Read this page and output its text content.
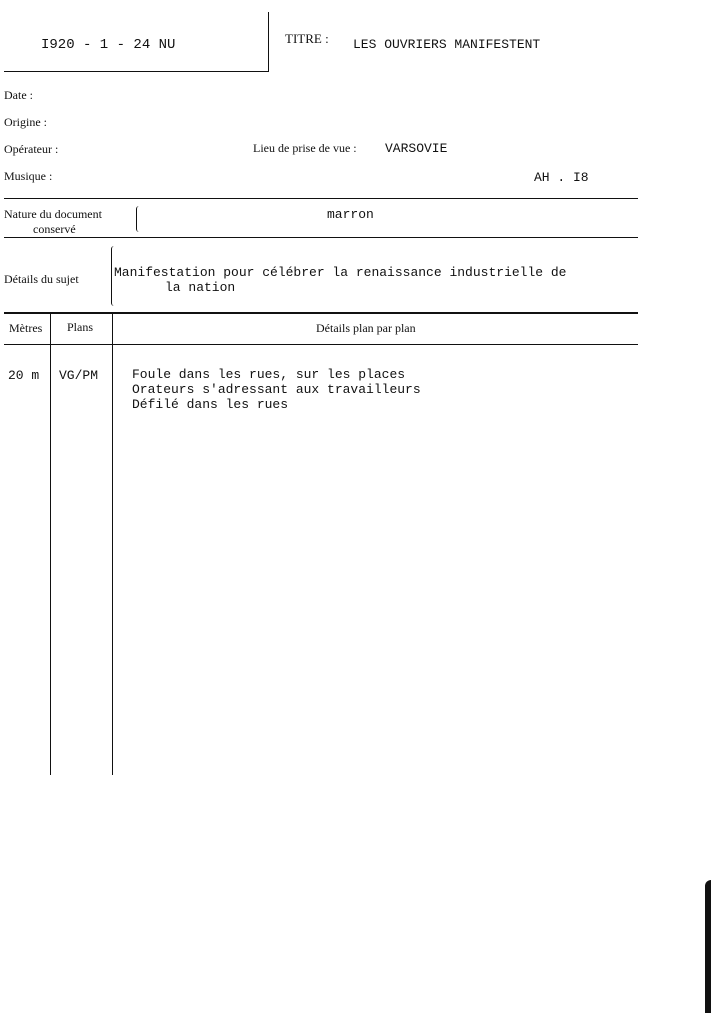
I920 - 1 - 24 NU	TITRE : LES OUVRIERS MANIFESTENT
Date :
Origine :
Opérateur :	Lieu de prise de vue : VARSOVIE
Musique :	AH . I8
Nature du document
conservé
marron
Détails du sujet	Manifestation pour célébrer la renaissance industrielle de
la nation
Mètres Plans	Détails plan par plan
20 m VG/PM	Foule dans les rues, sur les places
Orateurs s'adressant aux travailleurs
Défilé dans les rues
